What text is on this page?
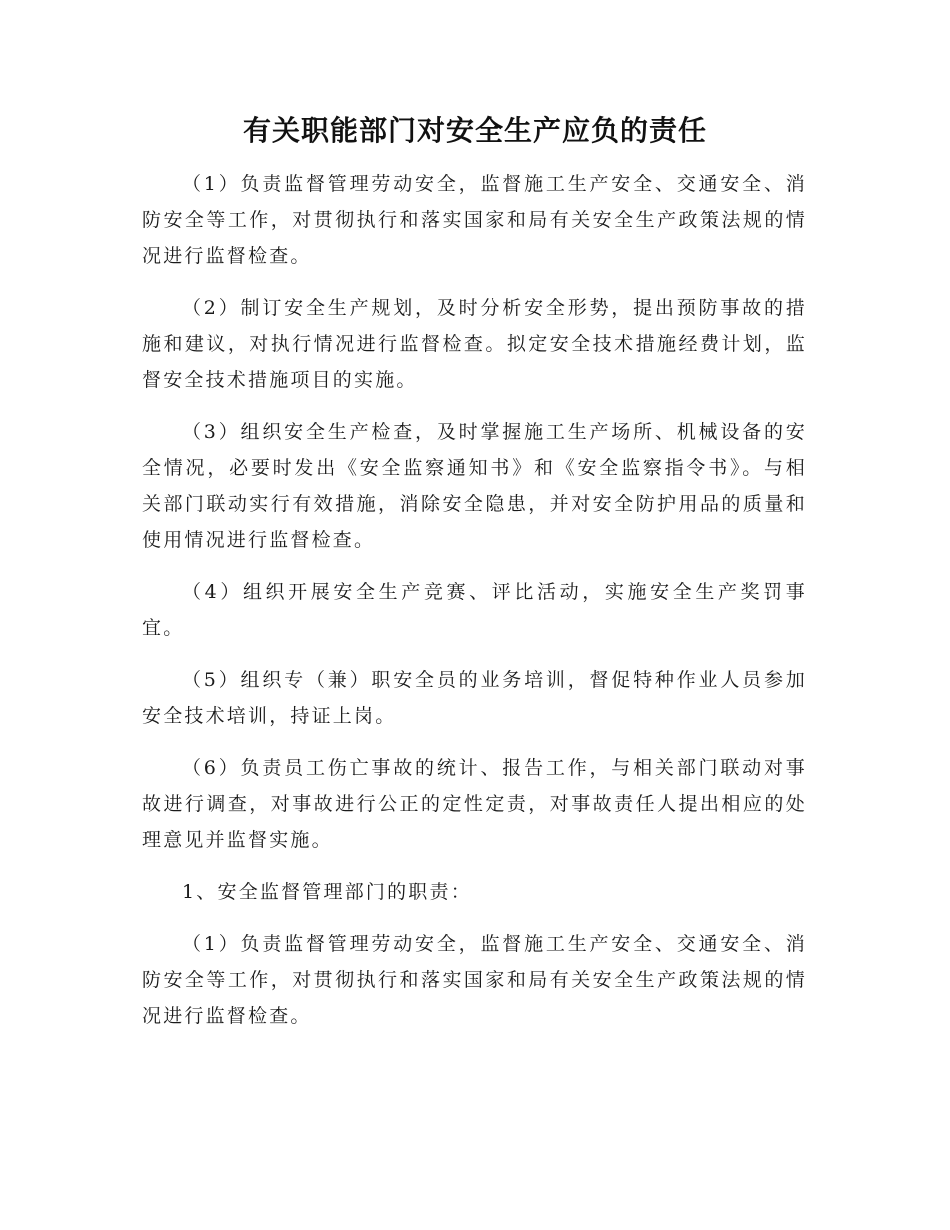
有关职能部门对安全生产应负的责任

（1）负责监督管理劳动安全，监督施工生产安全、交通安全、消防安全等工作，对贯彻执行和落实国家和局有关安全生产政策法规的情况进行监督检查。

（2）制订安全生产规划，及时分析安全形势，提出预防事故的措施和建议，对执行情况进行监督检查。拟定安全技术措施经费计划，监督安全技术措施项目的实施。

（3）组织安全生产检查，及时掌握施工生产场所、机械设备的安全情况，必要时发出《安全监察通知书》和《安全监察指令书》。与相关部门联动实行有效措施，消除安全隐患，并对安全防护用品的质量和使用情况进行监督检查。

（4）组织开展安全生产竞赛、评比活动，实施安全生产奖罚事宜。

（5）组织专（兼）职安全员的业务培训，督促特种作业人员参加安全技术培训，持证上岗。

（6）负责员工伤亡事故的统计、报告工作，与相关部门联动对事故进行调查，对事故进行公正的定性定责，对事故责任人提出相应的处理意见并监督实施。

1、安全监督管理部门的职责：

（1）负责监督管理劳动安全，监督施工生产安全、交通安全、消防安全等工作，对贯彻执行和落实国家和局有关安全生产政策法规的情况进行监督检查。
